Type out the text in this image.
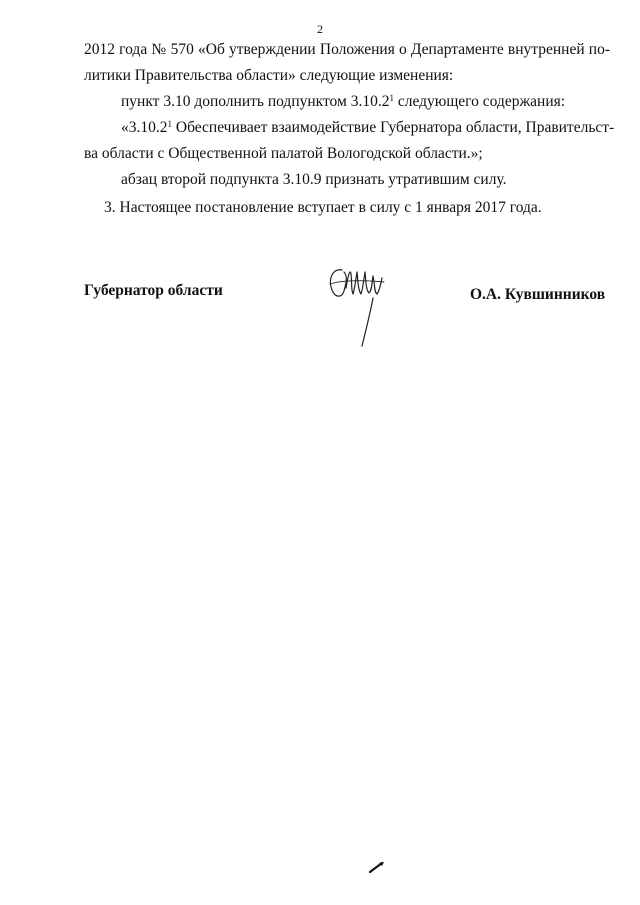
2
2012 года № 570 «Об утверждении Положения о Департаменте внутренней по-
литики Правительства области» следующие изменения:
пункт 3.10 дополнить подпунктом 3.10.2$^1$ следующего содержания:
«3.10.2$^1$ Обеспечивает взаимодействие Губернатора области, Правительст-
ва области с Общественной палатой Вологодской области.»;
абзац второй подпункта 3.10.9 признать утратившим силу.
3. Настоящее постановление вступает в силу с 1 января 2017 года.
Губернатор области	О.А. Кувшинников
